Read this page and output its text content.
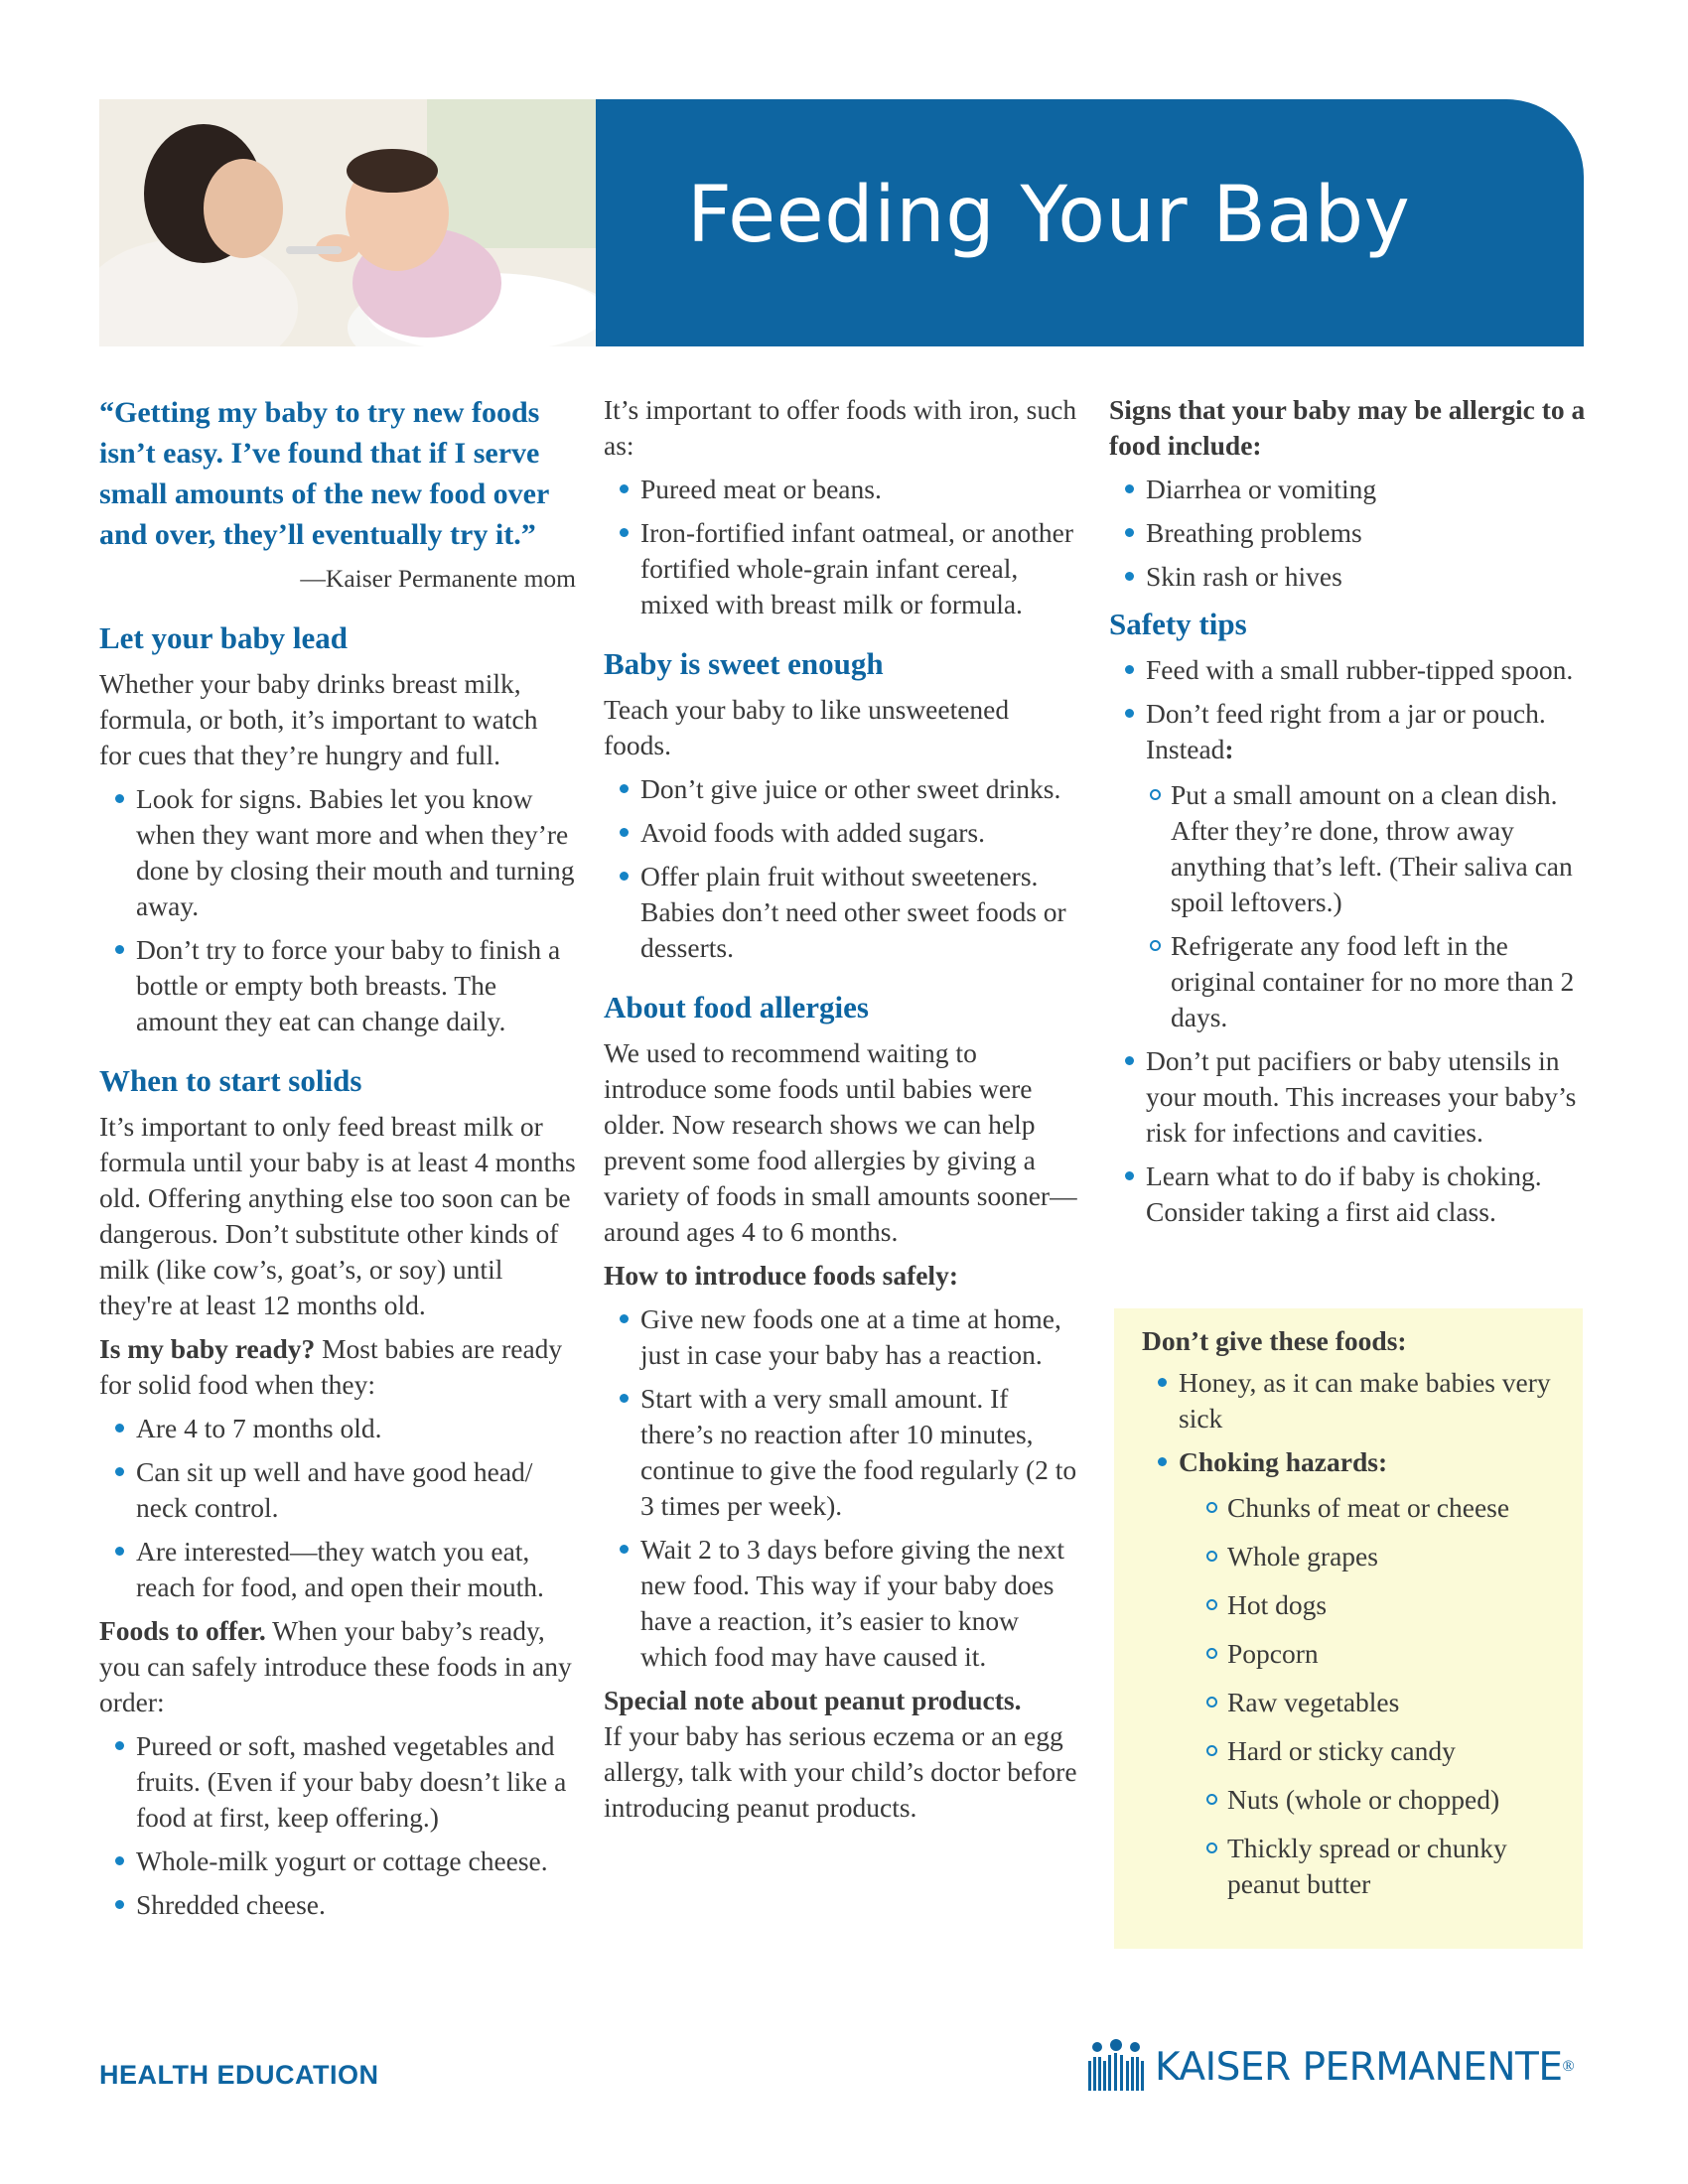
Feeding Your Baby

“Getting my baby to try new foods isn’t easy. I’ve found that if I serve small amounts of the new food over and over, they’ll eventually try it.”

—Kaiser Permanente mom

Let your baby lead

Whether your baby drinks breast milk, formula, or both, it’s important to watch for cues that they’re hungry and full.

Look for signs. Babies let you know when they want more and when they’re done by closing their mouth and turning away.
Don’t try to force your baby to finish a bottle or empty both breasts. The amount they eat can change daily.
When to start solids

It’s important to only feed breast milk or formula until your baby is at least 4 months old. Offering anything else too soon can be dangerous. Don’t substitute other kinds of milk (like cow’s, goat’s, or soy) until they're at least 12 months old.

Is my baby ready? Most babies are ready for solid food when they:

Are 4 to 7 months old.
Can sit up well and have good head/ neck control.
Are interested—they watch you eat, reach for food, and open their mouth.

Foods to offer. When your baby’s ready, you can safely introduce these foods in any order:

Pureed or soft, mashed vegetables and fruits. (Even if your baby doesn’t like a food at first, keep offering.)
Whole-milk yogurt or cottage cheese.
Shredded cheese.

It’s important to offer foods with iron, such as:

Pureed meat or beans.
Iron-fortified infant oatmeal, or another fortified whole-grain infant cereal, mixed with breast milk or formula.
Baby is sweet enough

Teach your baby to like unsweetened foods.

Don’t give juice or other sweet drinks.
Avoid foods with added sugars.
Offer plain fruit without sweeteners. Babies don’t need other sweet foods or desserts.
About food allergies

We used to recommend waiting to introduce some foods until babies were older. Now research shows we can help prevent some food allergies by giving a variety of foods in small amounts sooner—around ages 4 to 6 months.

How to introduce foods safely:

Give new foods one at a time at home, just in case your baby has a reaction.
Start with a very small amount. If there’s no reaction after 10 minutes, continue to give the food regularly (2 to 3 times per week).
Wait 2 to 3 days before giving the next new food. This way if your baby does have a reaction, it’s easier to know which food may have caused it.

Special note about peanut products.

If your baby has serious eczema or an egg allergy, talk with your child’s doctor before introducing peanut products.

Signs that your baby may be allergic to a food include:

Diarrhea or vomiting
Breathing problems
Skin rash or hives
Safety tips
Feed with a small rubber-tipped spoon.
Don’t feed right from a jar or pouch. Instead:
Put a small amount on a clean dish. After they’re done, throw away anything that’s left. (Their saliva can spoil leftovers.)
Refrigerate any food left in the original container for no more than 2 days.
Don’t put pacifiers or baby utensils in your mouth. This increases your baby’s risk for infections and cavities.
Learn what to do if baby is choking. Consider taking a first aid class.
Don’t give these foods:
Honey, as it can make babies very sick
Choking hazards:
Chunks of meat or cheese
Whole grapes
Hot dogs
Popcorn
Raw vegetables
Hard or sticky candy
Nuts (whole or chopped)
Thickly spread or chunky peanut butter
HEALTH EDUCATION	KAISER PERMANENTE ®
